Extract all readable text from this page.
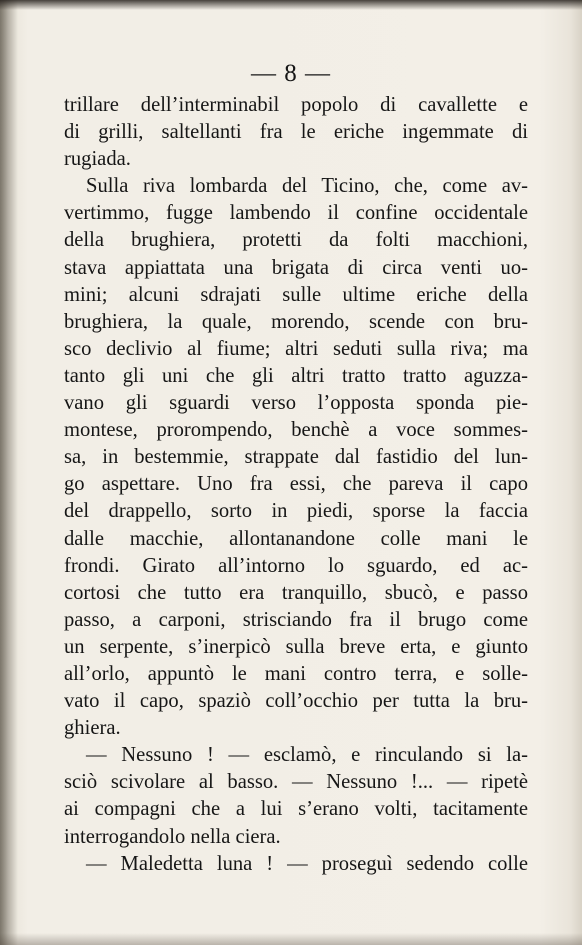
— 8 —
trillare dell’interminabil popolo di cavallette e
di grilli, saltellanti fra le eriche ingemmate di
rugiada.
Sulla riva lombarda del Ticino, che, come av-
vertimmo, fugge lambendo il confine occidentale
della brughiera, protetti da folti macchioni,
stava appiattata una brigata di circa venti uo-
mini; alcuni sdrajati sulle ultime eriche della
brughiera, la quale, morendo, scende con bru-
sco declivio al fiume; altri seduti sulla riva; ma
tanto gli uni che gli altri tratto tratto aguzza-
vano gli sguardi verso l’opposta sponda pie-
montese, prorompendo, benchè a voce sommes-
sa, in bestemmie, strappate dal fastidio del lun-
go aspettare. Uno fra essi, che pareva il capo
del drappello, sorto in piedi, sporse la faccia
dalle macchie, allontanandone colle mani le
frondi. Girato all’intorno lo sguardo, ed ac-
cortosi che tutto era tranquillo, sbucò, e passo
passo, a carponi, strisciando fra il brugo come
un serpente, s’inerpicò sulla breve erta, e giunto
all’orlo, appuntò le mani contro terra, e solle-
vato il capo, spaziò coll’occhio per tutta la bru-
ghiera.
— Nessuno ! — esclamò, e rinculando si la-
sciò scivolare al basso. — Nessuno !... — ripetè
ai compagni che a lui s’erano volti, tacitamente
interrogandolo nella ciera.
— Maledetta luna ! — proseguì sedendo colle
